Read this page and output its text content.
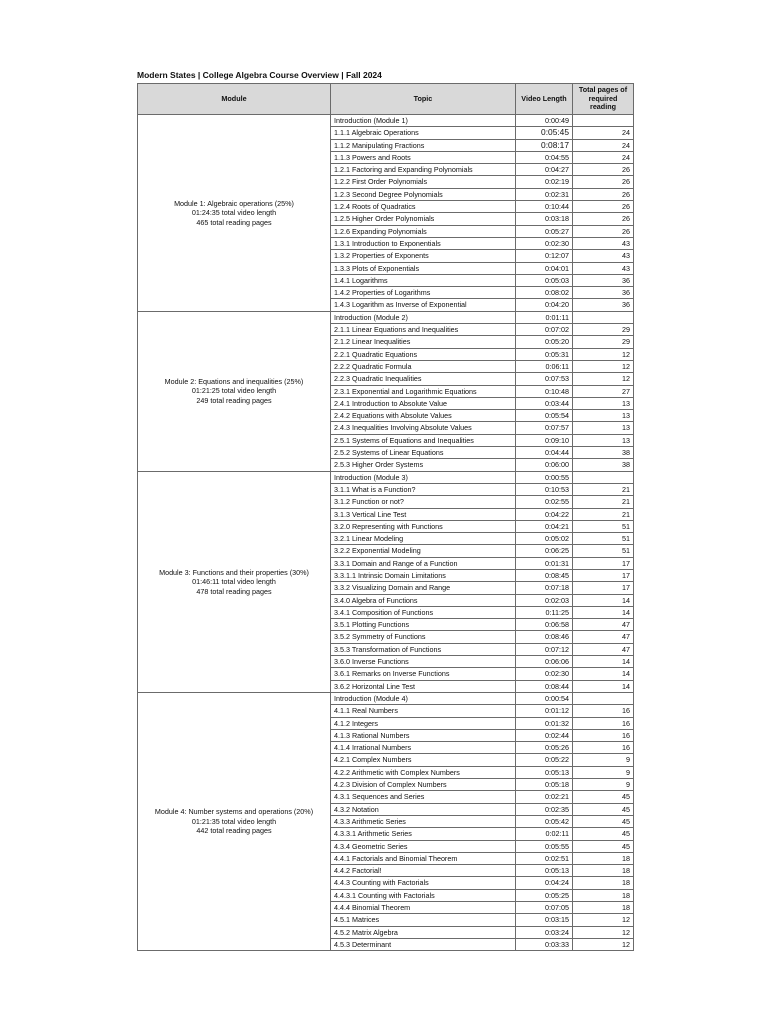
Modern States | College Algebra Course Overview | Fall 2024
Module	Topic	Video Length	Total pages of required reading

Module 1: Algebraic operations (25%)
01:24:35 total video length
465 total reading pages	Introduction (Module 1)	0:00:49	
	1.1.1 Algebraic Operations	0:05:45	24
	1.1.2 Manipulating Fractions	0:08:17	24
	1.1.3 Powers and Roots	0:04:55	24
	1.2.1 Factoring and Expanding Polynomials	0:04:27	26
	1.2.2 First Order Polynomials	0:02:19	26
	1.2.3 Second Degree Polynomials	0:02:31	26
	1.2.4 Roots of Quadratics	0:10:44	26
	1.2.5 Higher Order Polynomials	0:03:18	26
	1.2.6 Expanding Polynomials	0:05:27	26
	1.3.1 Introduction to Exponentials	0:02:30	43
	1.3.2 Properties of Exponents	0:12:07	43
	1.3.3 Plots of Exponentials	0:04:01	43
	1.4.1 Logarithms	0:05:03	36
	1.4.2 Properties of Logarithms	0:08:02	36
	1.4.3 Logarithm as Inverse of Exponential	0:04:20	36

Module 2: Equations and inequalities (25%)
01:21:25 total video length
249 total reading pages	Introduction (Module 2)	0:01:11	
	2.1.1 Linear Equations and Inequalities	0:07:02	29
	2.1.2 Linear Inequalities	0:05:20	29
	2.2.1 Quadratic Equations	0:05:31	12
	2.2.2 Quadratic Formula	0:06:11	12
	2.2.3 Quadratic Inequalities	0:07:53	12
	2.3.1 Exponential and Logarithmic Equations	0:10:48	27
	2.4.1 Introduction to Absolute Value	0:03:44	13
	2.4.2 Equations with Absolute Values	0:05:54	13
	2.4.3 Inequalities Involving Absolute Values	0:07:57	13
	2.5.1 Systems of Equations and Inequalities	0:09:10	13
	2.5.2 Systems of Linear Equations	0:04:44	38
	2.5.3 Higher Order Systems	0:06:00	38

Module 3: Functions and their properties (30%)
01:46:11 total video length
478 total reading pages	Introduction (Module 3)	0:00:55	
	3.1.1 What is a Function?	0:10:53	21
	3.1.2 Function or not?	0:02:55	21
	3.1.3 Vertical Line Test	0:04:22	21
	3.2.0 Representing with Functions	0:04:21	51
	3.2.1 Linear Modeling	0:05:02	51
	3.2.2 Exponential Modeling	0:06:25	51
	3.3.1 Domain and Range of a Function	0:01:31	17
	3.3.1.1 Intrinsic Domain Limitations	0:08:45	17
	3.3.2 Visualizing Domain and Range	0:07:18	17
	3.4.0 Algebra of Functions	0:02:03	14
	3.4.1 Composition of Functions	0:11:25	14
	3.5.1 Plotting Functions	0:06:58	47
	3.5.2 Symmetry of Functions	0:08:46	47
	3.5.3 Transformation of Functions	0:07:12	47
	3.6.0 Inverse Functions	0:06:06	14
	3.6.1 Remarks on Inverse Functions	0:02:30	14
	3.6.2 Horizontal Line Test	0:08:44	14

Module 4: Number systems and operations (20%)
01:21:35 total video length
442 total reading pages	Introduction (Module 4)	0:00:54	
	4.1.1 Real Numbers	0:01:12	16
	4.1.2 Integers	0:01:32	16
	4.1.3 Rational Numbers	0:02:44	16
	4.1.4 Irrational Numbers	0:05:26	16
	4.2.1 Complex Numbers	0:05:22	9
	4.2.2 Arithmetic with Complex Numbers	0:05:13	9
	4.2.3 Division of Complex Numbers	0:05:18	9
	4.3.1 Sequences and Series	0:02:21	45
	4.3.2 Notation	0:02:35	45
	4.3.3 Arithmetic Series	0:05:42	45
	4.3.3.1 Arithmetic Series	0:02:11	45
	4.3.4 Geometric Series	0:05:55	45
	4.4.1 Factorials and Binomial Theorem	0:02:51	18
	4.4.2 Factorial!	0:05:13	18
	4.4.3 Counting with Factorials	0:04:24	18
	4.4.3.1 Counting with Factorials	0:05:25	18
	4.4.4 Binomial Theorem	0:07:05	18
	4.5.1 Matrices	0:03:15	12
	4.5.2 Matrix Algebra	0:03:24	12
	4.5.3 Determinant	0:03:33	12
